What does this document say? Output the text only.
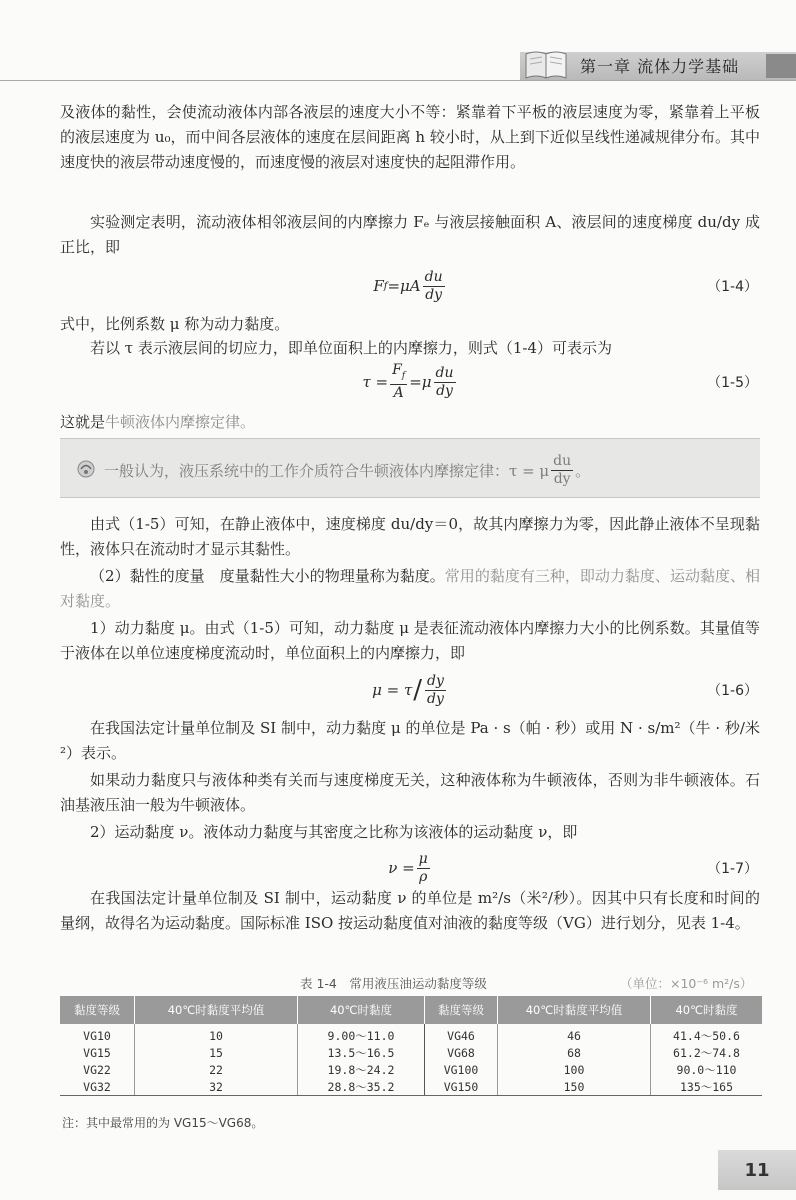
第一章 流体力学基础

及液体的黏性，会使流动液体内部各液层的速度大小不等：紧靠着下平板的液层速度为零，紧靠着上平板的液层速度为 u₀，而中间各层液体的速度在层间距离 h 较小时，从上到下近似呈线性递减规律分布。其中速度快的液层带动速度慢的，而速度慢的液层对速度快的起阻滞作用。

实验测定表明，流动液体相邻液层间的内摩擦力 Fₑ 与液层接触面积 A、液层间的速度梯度 du/dy 成正比，即

F $f =\mu A \frac{du}{dy}$	（1-4）

式中，比例系数 μ 称为动力黏度。

若以 τ 表示液层间的切应力，即单位面积上的内摩擦力，则式（1-4）可表示为

$\tau = \frac{F_f}{A} =\mu \frac{du}{dy}$	（1-5）

这就是牛顿液体内摩擦定律。

一般认为，液压系统中的工作介质符合牛顿液体内摩擦定律：τ = μ $\frac{du}{dy}$ 。

由式（1-5）可知，在静止液体中，速度梯度 du/dy＝0，故其内摩擦力为零，因此静止液体不呈现黏性，液体只在流动时才显示其黏性。

（2）黏性的度量　度量黏性大小的物理量称为黏度。常用的黏度有三种，即动力黏度、运动黏度、相对黏度。

1）动力黏度 μ。由式（1-5）可知，动力黏度 μ 是表征流动液体内摩擦力大小的比例系数。其量值等于液体在以单位速度梯度流动时，单位面积上的内摩擦力，即

$\mu = \tau / \frac{dy}{dy}$	（1-6）

在我国法定计量单位制及 SI 制中，动力黏度 μ 的单位是 Pa · s（帕 · 秒）或用 N · s/m²（牛 · 秒/米²）表示。

如果动力黏度只与液体种类有关而与速度梯度无关，这种液体称为牛顿液体，否则为非牛顿液体。石油基液压油一般为牛顿液体。

2）运动黏度 ν。液体动力黏度与其密度之比称为该液体的运动黏度 ν，即

$\nu = \frac{\mu}{\rho}$	（1-7）

在我国法定计量单位制及 SI 制中，运动黏度 ν 的单位是 m²/s（米²/秒）。因其中只有长度和时间的量纲，故得名为运动黏度。国际标准 ISO 按运动黏度值对油液的黏度等级（VG）进行划分，见表 1-4。

表 1-4　常用液压油运动黏度等级	（单位：×10⁻⁶ m²/s）
黏度等级	40℃时黏度平均值	40℃时黏度	黏度等级	40℃时黏度平均值	40℃时黏度
VG10	10	9.00～11.0	VG46	46	41.4～50.6
VG15	15	13.5～16.5	VG68	68	61.2～74.8
VG22	22	19.8～24.2	VG100	100	90.0～110
VG32	32	28.8～35.2	VG150	150	135～165
注：其中最常用的为 VG15～VG68。
11
